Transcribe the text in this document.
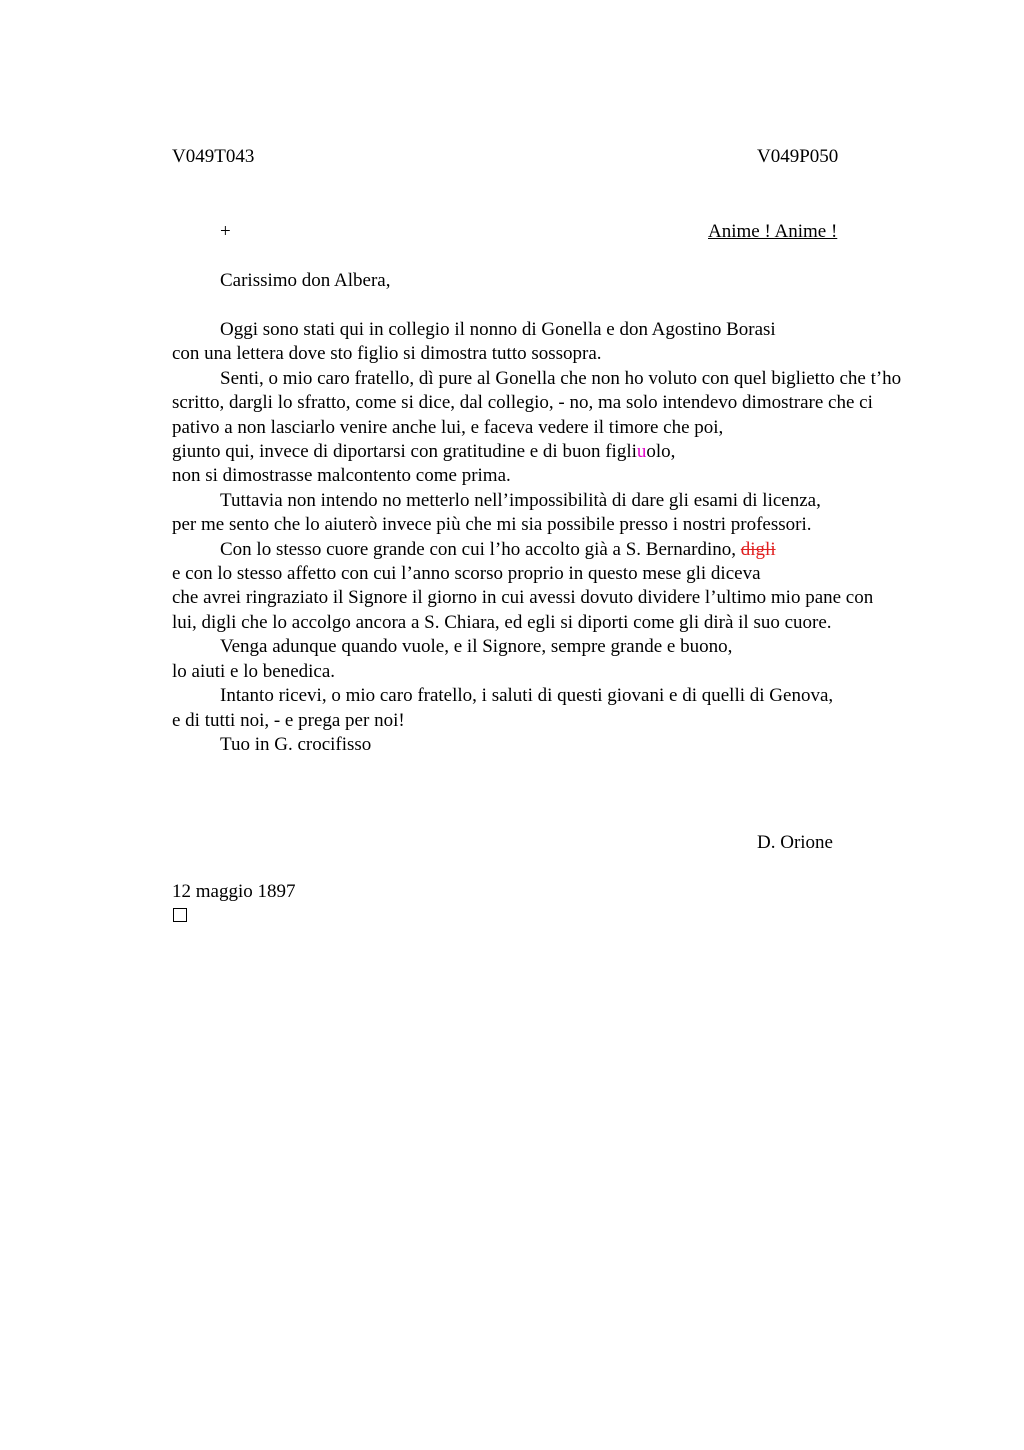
V049T043	V049P050
+	Anime ! Anime !
Carissimo don Albera,

Oggi sono stati qui in collegio il nonno di Gonella e don Agostino Borasi

con una lettera dove sto figlio si dimostra tutto sossopra.

Senti, o mio caro fratello, dì pure al Gonella che non ho voluto con quel biglietto che t’ho scritto, dargli lo sfratto, come si dice, dal collegio, - no, ma solo intendevo dimostrare che ci pativo a non lasciarlo venire anche lui, e faceva vedere il timore che poi,
giunto qui, invece di diportarsi con gratitudine e di buon figliuolo,
non si dimostrasse malcontento come prima.

Tuttavia non intendo no metterlo nell’impossibilità di dare gli esami di licenza,

per me sento che lo aiuterò invece più che mi sia possibile presso i nostri professori.

Con lo stesso cuore grande con cui l’ho accolto già a S. Bernardino, digli

e con lo stesso affetto con cui l’anno scorso proprio in questo mese gli diceva
che avrei ringraziato il Signore il giorno in cui avessi dovuto dividere l’ultimo mio pane con lui, digli che lo accolgo ancora a S. Chiara, ed egli si diporti come gli dirà il suo cuore.

Venga adunque quando vuole, e il Signore, sempre grande e buono,

lo aiuti e lo benedica.

Intanto ricevi, o mio caro fratello, i saluti di questi giovani e di quelli di Genova,

e di tutti noi, - e prega per noi!

Tuo in G. crocifisso

D. Orione
12 maggio 1897
